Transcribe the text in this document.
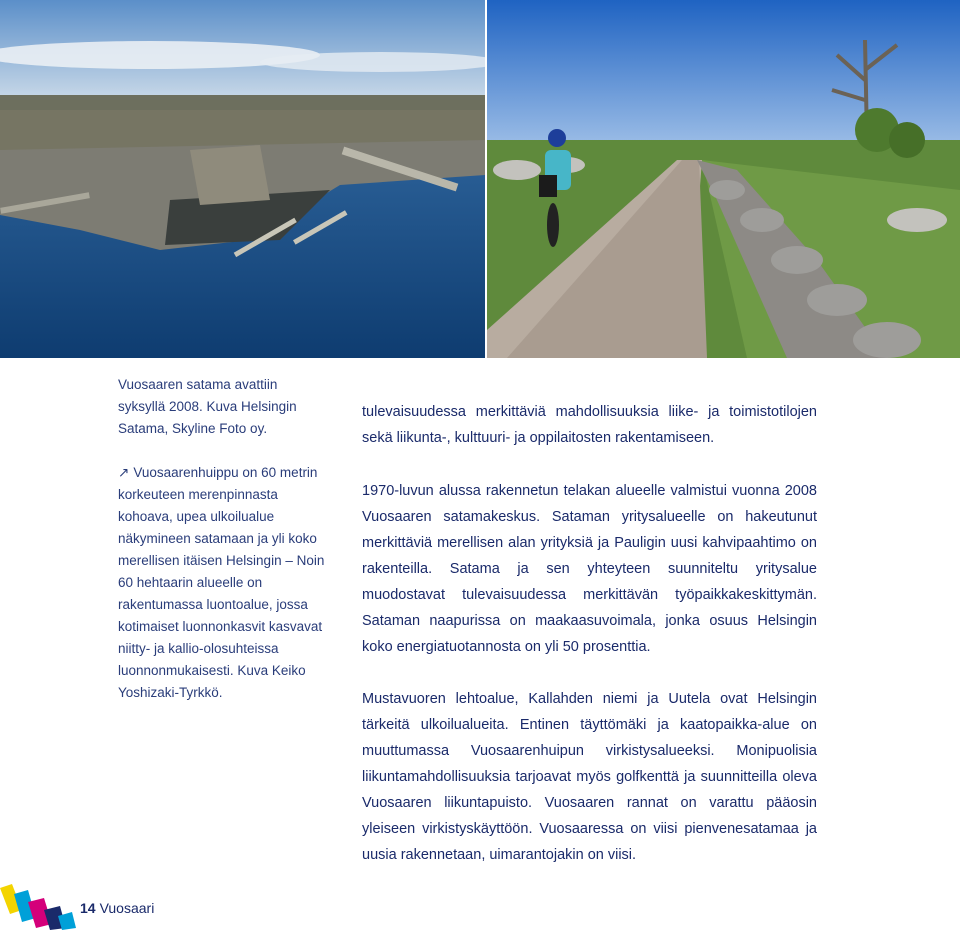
Vuosaaren satama avattiin syksyllä 2008. Kuva Helsingin Satama, Skyline Foto oy.
↗ Vuosaarenhuippu on 60 metrin korkeuteen merenpinnasta kohoava, upea ulkoilualue näkymineen satamaan ja yli koko merellisen itäisen Helsingin – Noin 60 hehtaarin alueelle on rakentumassa luontoalue, jossa kotimaiset luonnonkasvit kasvavat niitty- ja kallio-olosuhteissa luonnonmukaisesti. Kuva Keiko Yoshizaki-Tyrkkö.

tulevaisuudessa merkittäviä mahdollisuuksia liike- ja toimistotilojen sekä liikunta-, kulttuuri- ja oppilaitosten rakentamiseen.

1970-luvun alussa rakennetun telakan alueelle valmistui vuonna 2008 Vuosaaren satamakeskus. Sataman yritysalueelle on hakeutunut merkittäviä merellisen alan yrityksiä ja Pauligin uusi kahvipaahtimo on rakenteilla. Satama ja sen yhteyteen suunniteltu yritysalue muodostavat tulevaisuudessa merkittävän työpaikkakeskittymän. Sataman naapurissa on maakaasuvoimala, jonka osuus Helsingin koko energiatuotannosta on yli 50 prosenttia.

Mustavuoren lehtoalue, Kallahden niemi ja Uutela ovat Helsingin tärkeitä ulkoilualueita. Entinen täyttömäki ja kaatopaikka-alue on muuttumassa Vuosaarenhuipun virkistysalueeksi. Monipuolisia liikuntamahdollisuuksia tarjoavat myös golfkenttä ja suunnitteilla oleva Vuosaaren liikuntapuisto. Vuosaaren rannat on varattu pääosin yleiseen virkistyskäyttöön. Vuosaaressa on viisi pienvenesatamaa ja uusia rakennetaan, uimarantojakin on viisi.

14 Vuosaari
